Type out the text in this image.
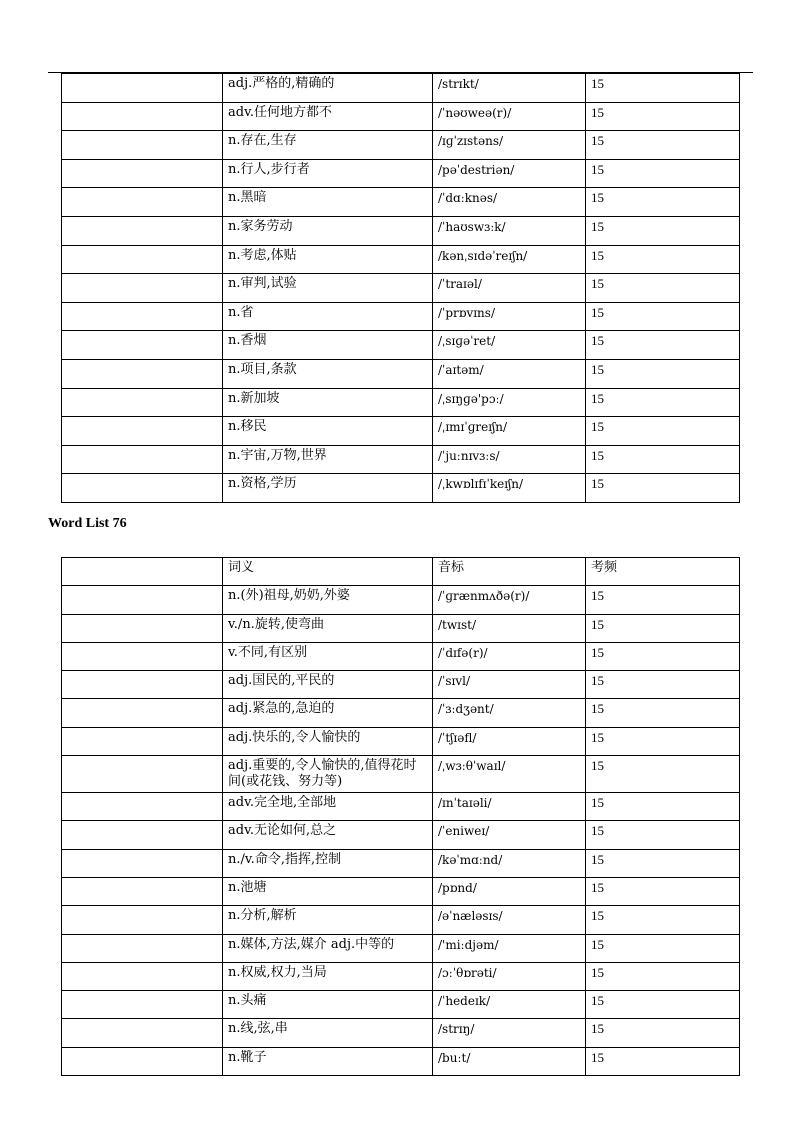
	adj.严格的,精确的	/strɪkt/	15
	adv.任何地方都不	/ˈnəʊweə(r)/	15
	n.存在,生存	/ɪɡˈzɪstəns/	15
	n.行人,步行者	/pəˈdestriən/	15
	n.黑暗	/ˈdɑːknəs/	15
	n.家务劳动	/ˈhaʊswɜːk/	15
	n.考虑,体贴	/kənˌsɪdəˈreɪʃn/	15
	n.审判,试验	/ˈtraɪəl/	15
	n.省	/ˈprɒvɪns/	15
	n.香烟	/ˌsɪɡəˈret/	15
	n.项目,条款	/ˈaɪtəm/	15
	n.新加坡	/ˌsɪŋɡə'pɔː/	15
	n.移民	/ˌɪmɪˈɡreɪʃn/	15
	n.宇宙,万物,世界	/ˈjuːnɪvɜːs/	15
	n.资格,学历	/ˌkwɒlɪfɪˈkeɪʃn/	15
Word List 76
	词义	音标	考频
	n.(外)祖母,奶奶,外婆	/ˈɡrænmʌðə(r)/	15
	v./n.旋转,使弯曲	/twɪst/	15
	v.不同,有区别	/ˈdɪfə(r)/	15
	adj.国民的,平民的	/ˈsɪvl/	15
	adj.紧急的,急迫的	/ˈɜːdʒənt/	15
	adj.快乐的,令人愉快的	/ˈtʃɪəfl/	15
	adj.重要的,令人愉快的,值得花时间(或花钱、努力等)	/ˌwɜːθˈwaɪl/	15
	adv.完全地,全部地	/ɪnˈtaɪəli/	15
	adv.无论如何,总之	/ˈeniweɪ/	15
	n./v.命令,指挥,控制	/kəˈmɑːnd/	15
	n.池塘	/pɒnd/	15
	n.分析,解析	/əˈnæləsɪs/	15
	n.媒体,方法,媒介 adj.中等的	/'miːdjəm/	15
	n.权威,权力,当局	/ɔːˈθɒrəti/	15
	n.头痛	/ˈhedeɪk/	15
	n.线,弦,串	/strɪŋ/	15
	n.靴子	/buːt/	15
